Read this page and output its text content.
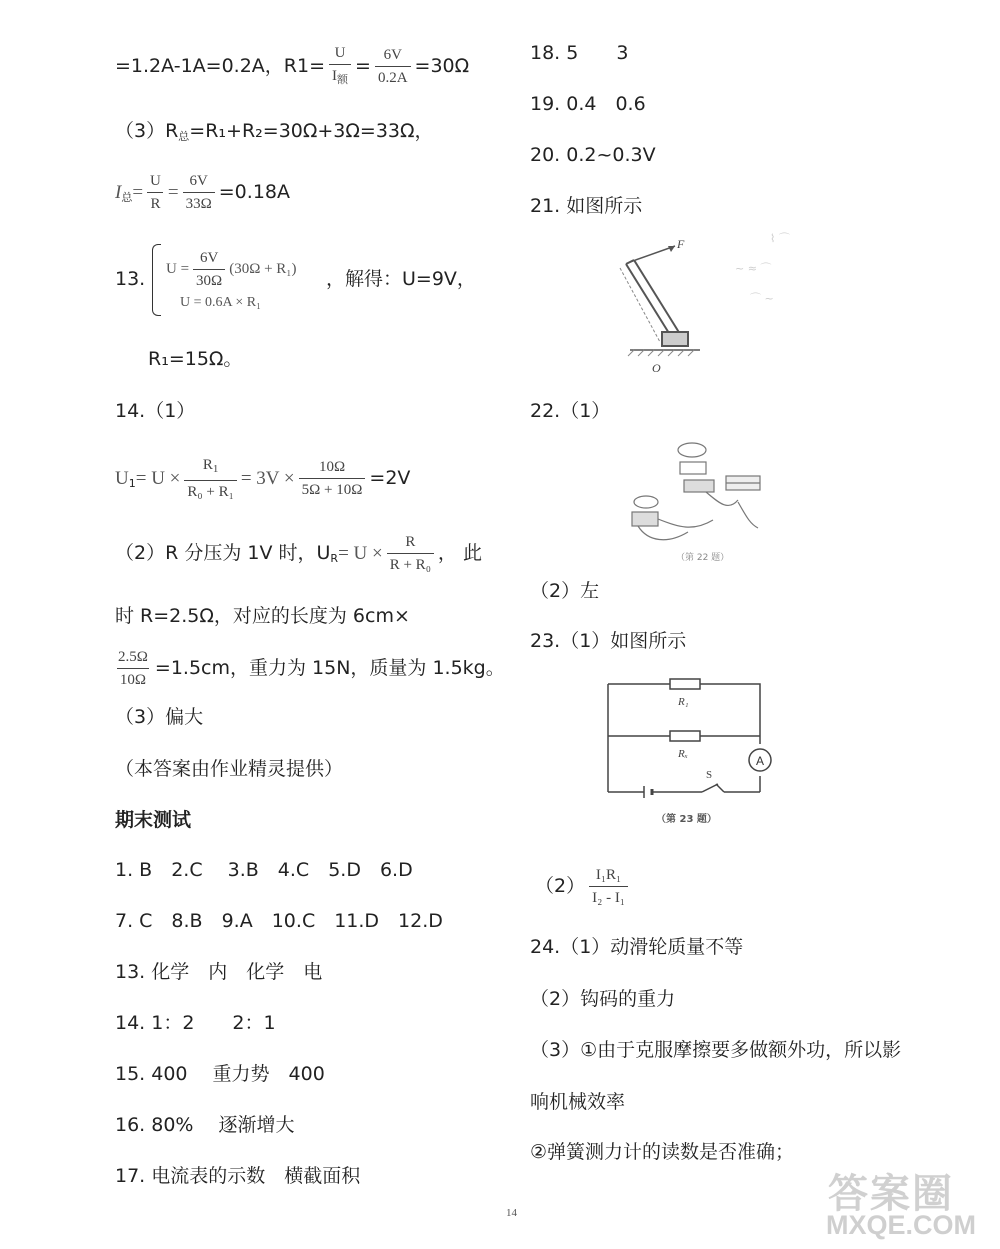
=1.2A-1A=0.2A，R1=
U
$I_额$
= $\frac{6V}{0.2A} =30\Omega$
$(3)R_总=R_1+R_2=30\Omega+3\Omega=33\Omega$，
$I_总= \frac{U}{R} = \frac{6V}{33\Omega} =0.18A$
13. $U = \frac{6V}{30\Omega} (30\Omega + R_1)$
U = 0.6A × R₁
，解得：U=9V，
R₁=15Ω。
14.（1）
$U_1= U \times \frac{R_1}{\text{R₀ + R₁}} = 3V \times \frac{10\Omega}{5\Omega + 10\Omega} =2V$
（2）R 分压为 1V 时，$U_R= U \times \frac{R}{\text{R + R₀}}$ ， 此
时 R=2.5Ω，对应的长度为 6cm×
$\frac{2.5\Omega}{10\Omega} =1.5cm$，重力为 15N，质量为 1.5kg。
（3）偏大
（本答案由作业精灵提供）
期末测试
1. B　2.C　 3.B　4.C　5.D　6.D
7. C　8.B　9.A　10.C　11.D　12.D
13. 化学　内　化学　电
14. 1：2　　2：1
15. 400　 重力势　400
16. 80%　 逐渐增大
17. 电流表的示数　横截面积
18. 5　　3
19. 0.4　0.6
20. 0.2~0.3V
21. 如图所示
F
O
⌇ ⌒
~ ≈ ⌒
⌒ ~
22.（1）
（第 22 题）
（2）左
23.（1）如图所示
A
R₁
Rₓ
S
（第 23 题）
$(2) \frac{\text{I₁R₁}}{\text{I₂ - I₁}}$
24.（1）动滑轮质量不等
（2）钩码的重力
（3）①由于克服摩擦要多做额外功，所以影
响机械效率
②弹簧测力计的读数是否准确；
14	答案圈
MXQE.COM
